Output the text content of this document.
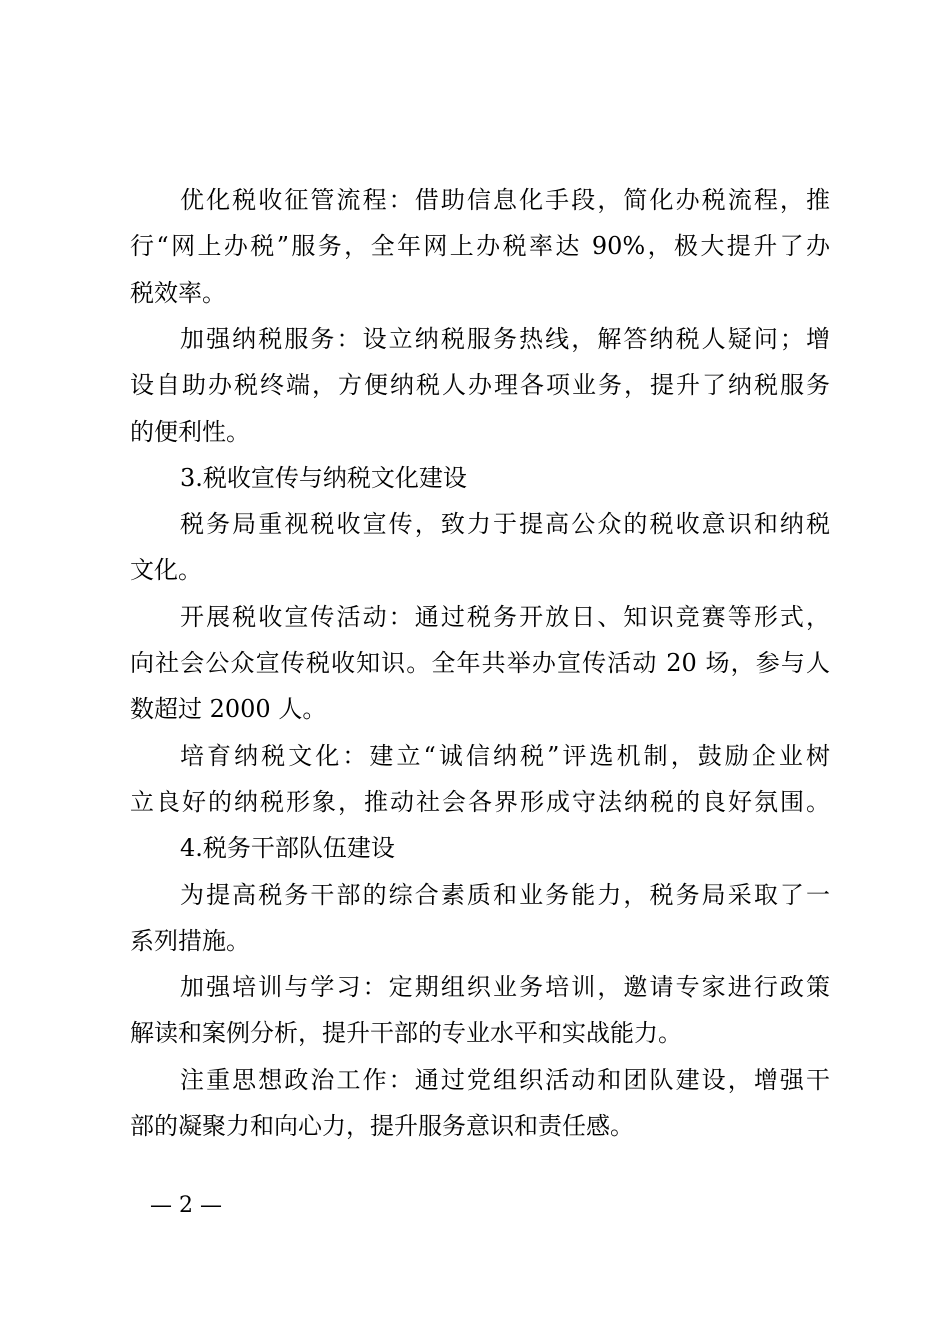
— 2 —
优化税收征管流程：借助信息化手段，简化办税流程，推
行“网上办税”服务，全年网上办税率达 90%，极大提升了办
税效率。
加强纳税服务：设立纳税服务热线，解答纳税人疑问；增
设自助办税终端，方便纳税人办理各项业务，提升了纳税服务
的便利性。
3.税收宣传与纳税文化建设
税务局重视税收宣传，致力于提高公众的税收意识和纳税
文化。
开展税收宣传活动：通过税务开放日、知识竞赛等形式，
向社会公众宣传税收知识。全年共举办宣传活动 20 场，参与人
数超过 2000 人。
培育纳税文化：建立“诚信纳税”评选机制，鼓励企业树
立良好的纳税形象，推动社会各界形成守法纳税的良好氛围。
4.税务干部队伍建设
为提高税务干部的综合素质和业务能力，税务局采取了一
系列措施。
加强培训与学习：定期组织业务培训，邀请专家进行政策
解读和案例分析，提升干部的专业水平和实战能力。
注重思想政治工作：通过党组织活动和团队建设，增强干
部的凝聚力和向心力，提升服务意识和责任感。
